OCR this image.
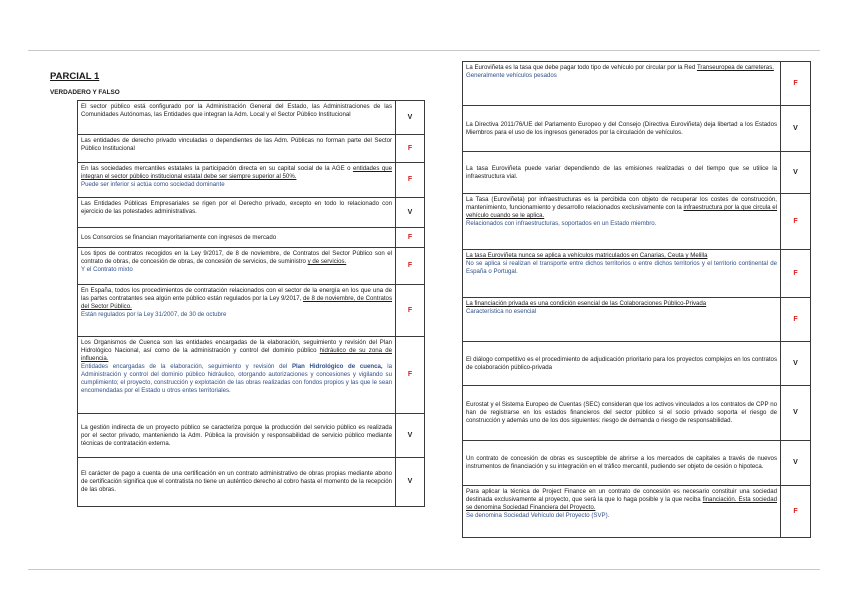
PARCIAL 1
VERDADERO Y FALSO
El sector público está configurado por la Administración General del Estado, las Administraciones de las Comunidades Autónomas, las Entidades que integran la Adm. Local y el Sector Público Institucional	V
Las entidades de derecho privado vinculadas o dependientes de las Adm. Públicas no forman parte del Sector Público Institucional	F
En las sociedades mercantiles estatales la participación directa en su capital social de la AGE o entidades que integran el sector público institucional estatal debe ser siempre superior al 50%.
Puede ser inferior si actúa como sociedad dominante	F
Las Entidades Públicas Empresariales se rigen por el Derecho privado, excepto en todo lo relacionado con ejercicio de las potestades administrativas.	V
Los Consorcios se financian mayoritariamente con ingresos de mercado	F
Los tipos de contratos recogidos en la Ley 9/2017, de 8 de noviembre, de Contratos del Sector Público son el contrato de obras, de concesión de obras, de concesión de servicios, de suministro y de servicios.
Y el Contrato mixto	F
En España, todos los procedimientos de contratación relacionados con el sector de la energía en los que una de las partes contratantes sea algún ente público están regulados por la Ley 9/2017, de 8 de noviembre, de Contratos del Sector Público.
Están regulados por la Ley 31/2007, de 30 de octubre	F
Los Organismos de Cuenca son las entidades encargadas de la elaboración, seguimiento y revisión del Plan Hidrológico Nacional, así como de la administración y control del dominio público hidráulico de su zona de influencia.
Entidades encargadas de la elaboración, seguimiento y revisión del Plan Hidrológico de cuenca, la Administración y control del dominio público hidráulico, otorgando autorizaciones y concesiones y vigilando su cumplimiento; el proyecto, construcción y explotación de las obras realizadas con fondos propios y las que le sean encomendadas por el Estado u otros entes territoriales.	F
La gestión indirecta de un proyecto público se caracteriza porque la producción del servicio público es realizada por el sector privado, manteniendo la Adm. Pública la provisión y responsabilidad de servicio público mediante técnicas de contratación externa.	V
El carácter de pago a cuenta de una certificación en un contrato administrativo de obras propias mediante abono de certificación significa que el contratista no tiene un auténtico derecho al cobro hasta el momento de la recepción de las obras.	V
La Euroviñeta es la tasa que debe pagar todo tipo de vehículo por circular por la Red Transeuropea de carreteras.
Generalmente vehículos pesados	F
La Directiva 2011/76/UE del Parlamento Europeo y del Consejo (Directiva Euroviñeta) deja libertad a los Estados Miembros para el uso de los ingresos generados por la circulación de vehículos.	V
La tasa Euroviñeta puede variar dependiendo de las emisiones realizadas o del tiempo que se utilice la infraestructura vial.	V
La Tasa (Euroviñeta) por infraestructuras es la percibida con objeto de recuperar los costes de construcción, mantenimiento, funcionamiento y desarrollo relacionados exclusivamente con la infraestructura por la que circula el vehículo cuando se le aplica.
Relacionados con infraestructuras, soportados en un Estado miembro.	F
La tasa Euroviñeta nunca se aplica a vehículos matriculados en Canarias, Ceuta y Melilla
No se aplica si realizan el transporte entre dichos territorios o entre dichos territorios y el territorio continental de España o Portugal.	F
La financiación privada es una condición esencial de las Colaboraciones Público-Privada
Característica no esencial	F
El diálogo competitivo es el procedimiento de adjudicación prioritario para los proyectos complejos en los contratos de colaboración público-privada	V
Eurostat y el Sistema Europeo de Cuentas (SEC) consideran que los activos vinculados a los contratos de CPP no han de registrarse en los estados financieros del sector público si el socio privado soporta el riesgo de construcción y además uno de los dos siguientes: riesgo de demanda o riesgo de responsabilidad.	V
Un contrato de concesión de obras es susceptible de abrirse a los mercados de capitales a través de nuevos instrumentos de financiación y su integración en el tráfico mercantil, pudiendo ser objeto de cesión o hipoteca.	V
Para aplicar la técnica de Project Finance en un contrato de concesión es necesario constituir una sociedad destinada exclusivamente al proyecto, que será la que lo haga posible y la que reciba financiación. Esta sociedad se denomina Sociedad Financiera del Proyecto.
Se denomina Sociedad Vehículo del Proyecto (SVP).	F
